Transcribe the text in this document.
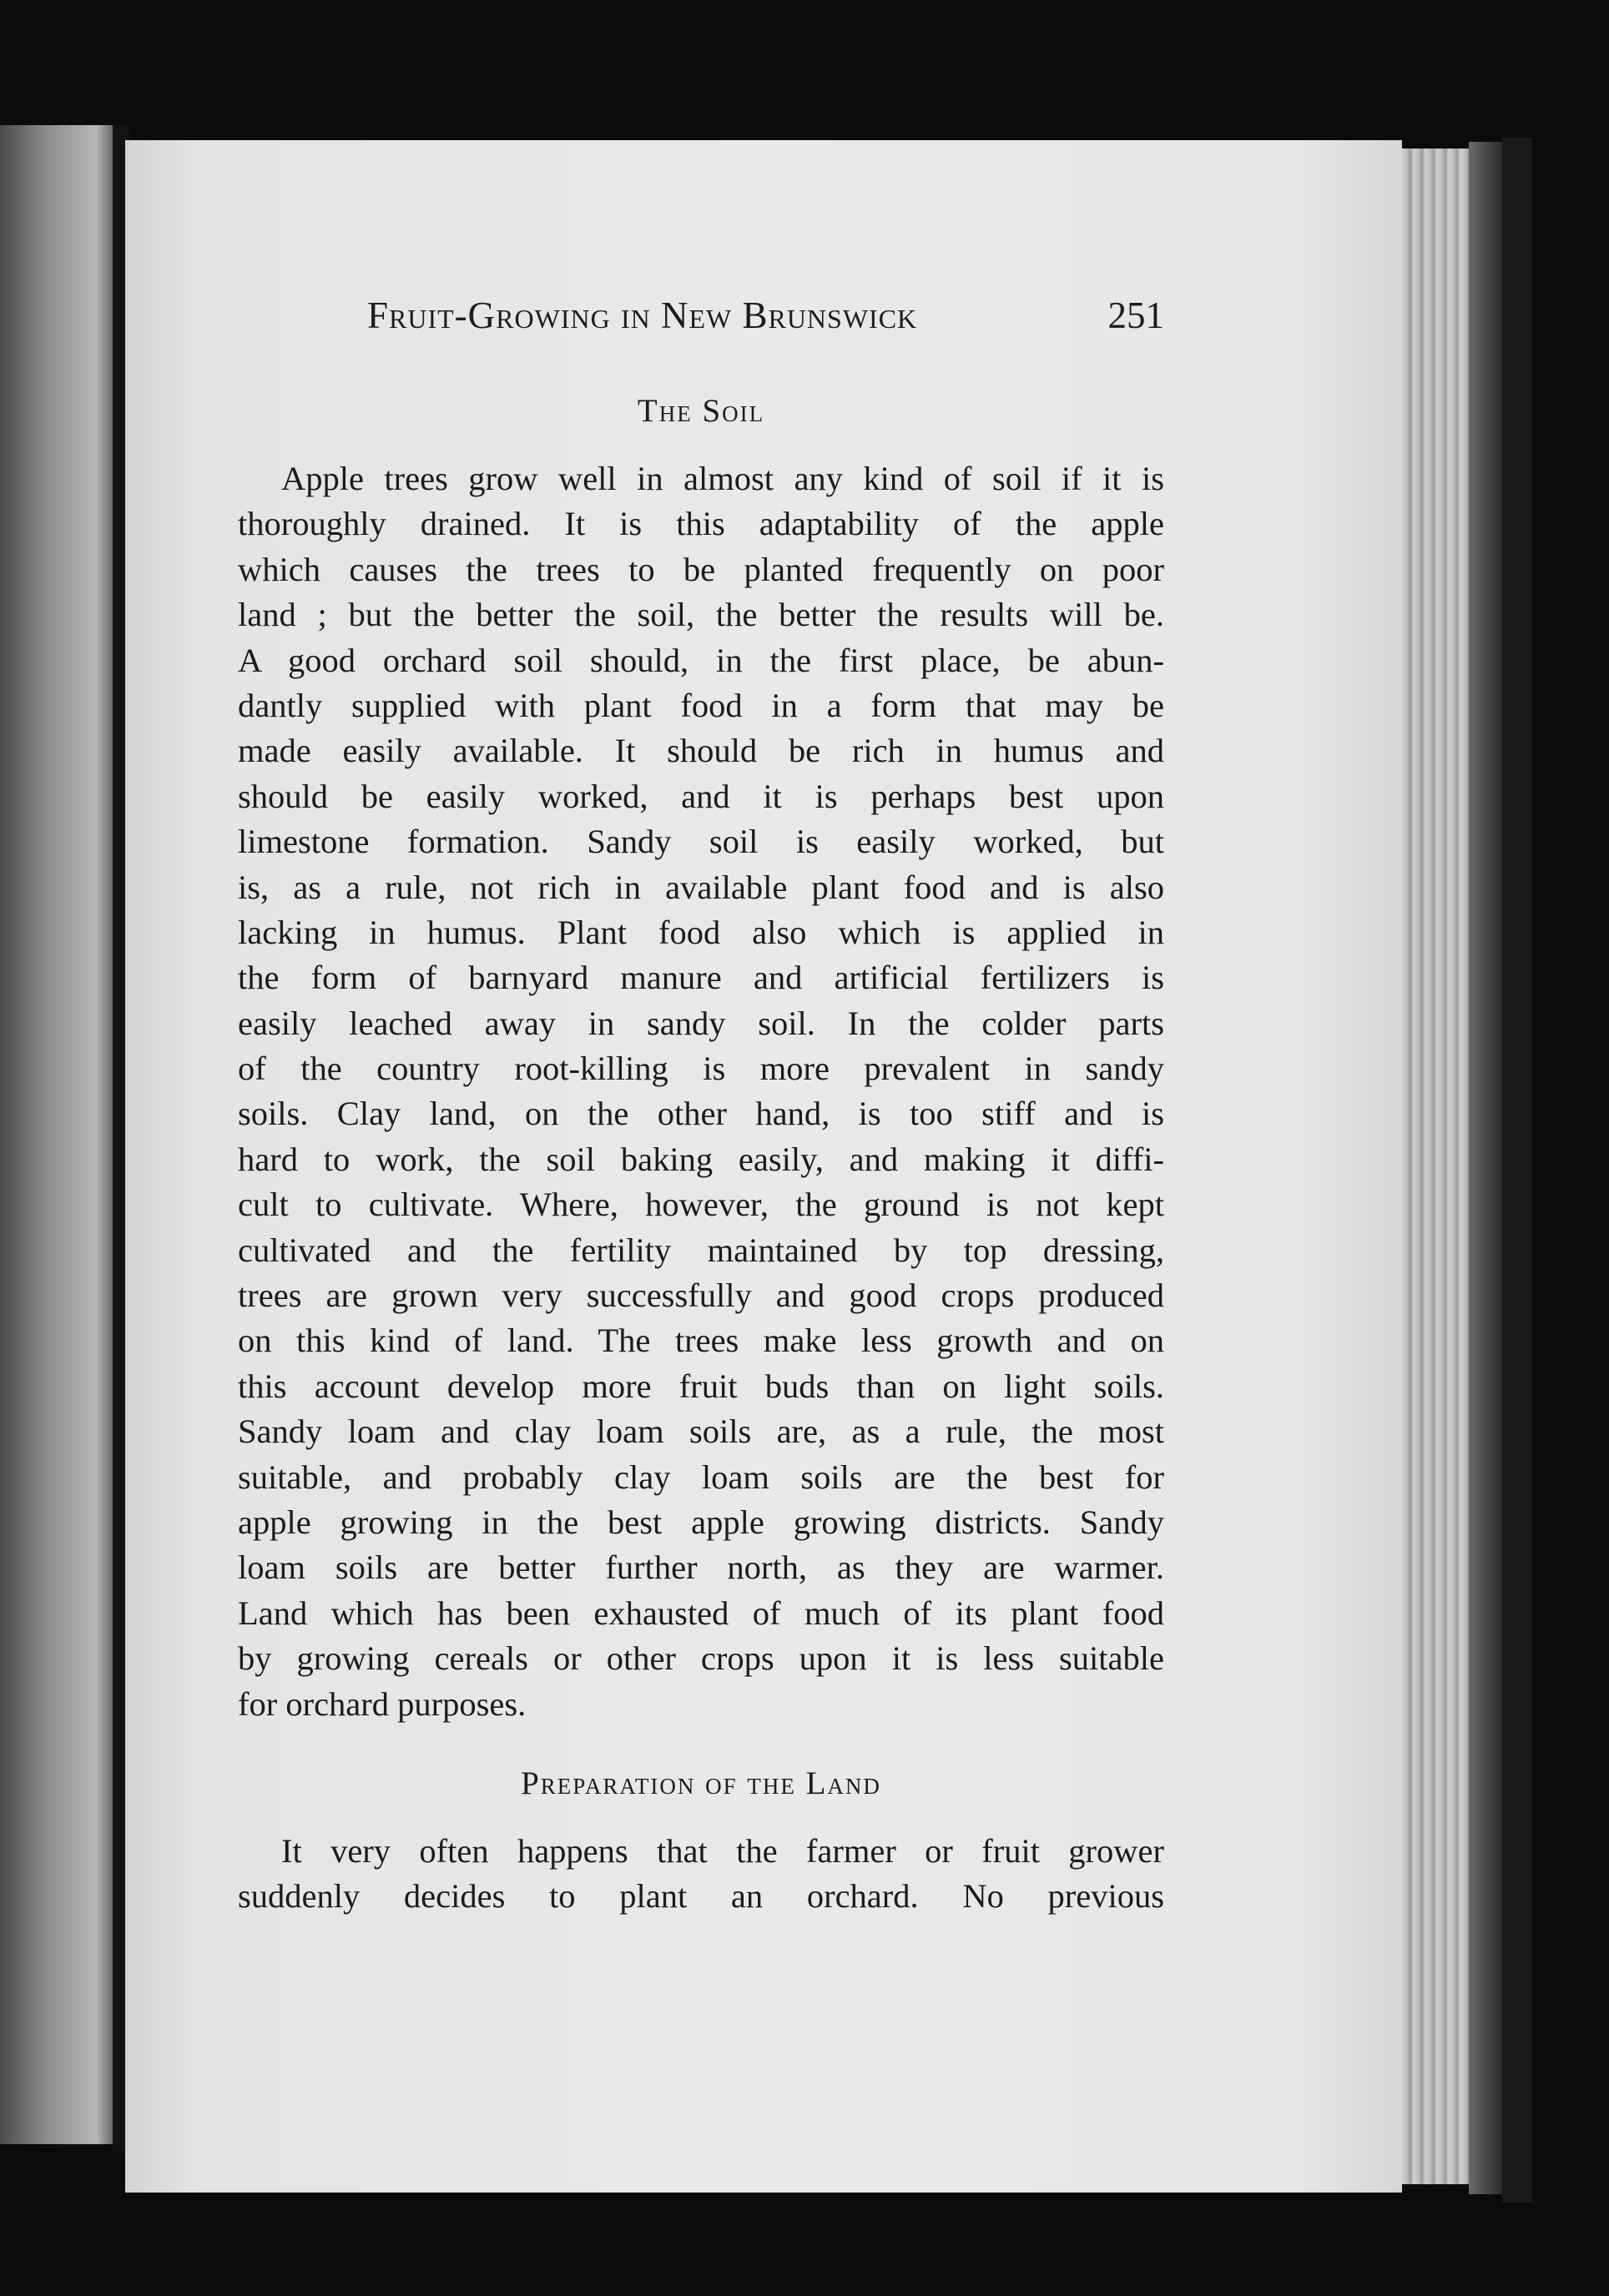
Fruit-Growing in New Brunswick	251
The Soil
Apple trees grow well in almost any kind of soil if it is
thoroughly drained. It is this adaptability of the apple
which causes the trees to be planted frequently on poor
land ; but the better the soil, the better the results will be.
A good orchard soil should, in the first place, be abun-
dantly supplied with plant food in a form that may be
made easily available. It should be rich in humus and
should be easily worked, and it is perhaps best upon
limestone formation. Sandy soil is easily worked, but
is, as a rule, not rich in available plant food and is also
lacking in humus. Plant food also which is applied in
the form of barnyard manure and artificial fertilizers is
easily leached away in sandy soil. In the colder parts
of the country root-killing is more prevalent in sandy
soils. Clay land, on the other hand, is too stiff and is
hard to work, the soil baking easily, and making it diffi-
cult to cultivate. Where, however, the ground is not kept
cultivated and the fertility maintained by top dressing,
trees are grown very successfully and good crops produced
on this kind of land. The trees make less growth and on
this account develop more fruit buds than on light soils.
Sandy loam and clay loam soils are, as a rule, the most
suitable, and probably clay loam soils are the best for
apple growing in the best apple growing districts. Sandy
loam soils are better further north, as they are warmer.
Land which has been exhausted of much of its plant food
by growing cereals or other crops upon it is less suitable
for orchard purposes.
Preparation of the Land
It very often happens that the farmer or fruit grower
suddenly decides to plant an orchard. No previous
